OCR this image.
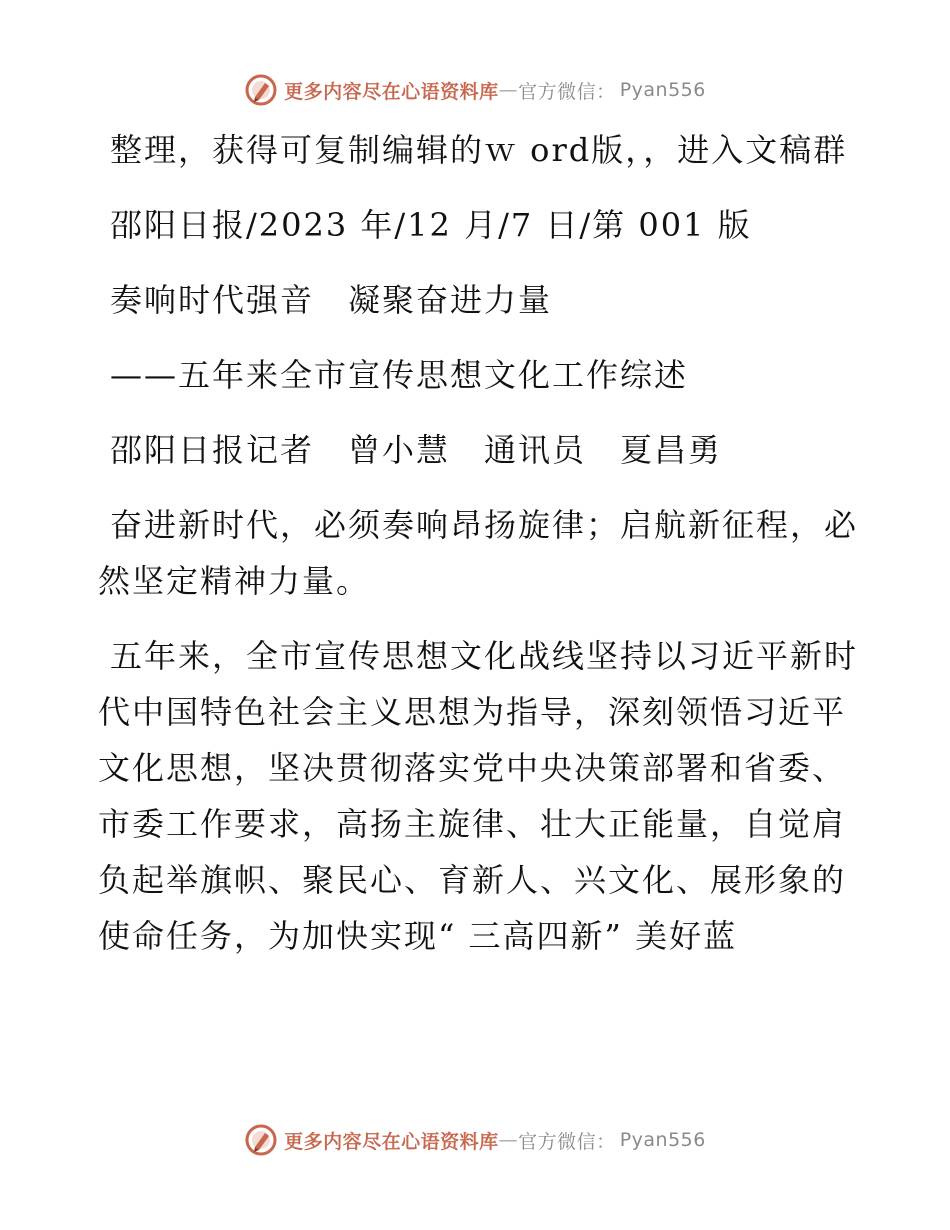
更多内容尽在心语资料库 — 官方微信： Pyan556

整理，获得可复制编辑的ｗ ord版，，进入文稿群

邵阳日报/2023 年/12 月/7 日/第 001 版

奏响时代强音　凝聚奋进力量

——五年来全市宣传思想文化工作综述

邵阳日报记者　曾小慧　通讯员　夏昌勇

奋进新时代，必须奏响昂扬旋律；启航新征程，必然坚定精神力量。

五年来，全市宣传思想文化战线坚持以习近平新时代中国特色社会主义思想为指导，深刻领悟习近平文化思想，坚决贯彻落实党中央决策部署和省委、市委工作要求，高扬主旋律、壮大正能量，自觉肩负起举旗帜、聚民心、育新人、兴文化、展形象的使命任务，为加快实现“ 三高四新” 美好蓝

更多内容尽在心语资料库 — 官方微信： Pyan556
